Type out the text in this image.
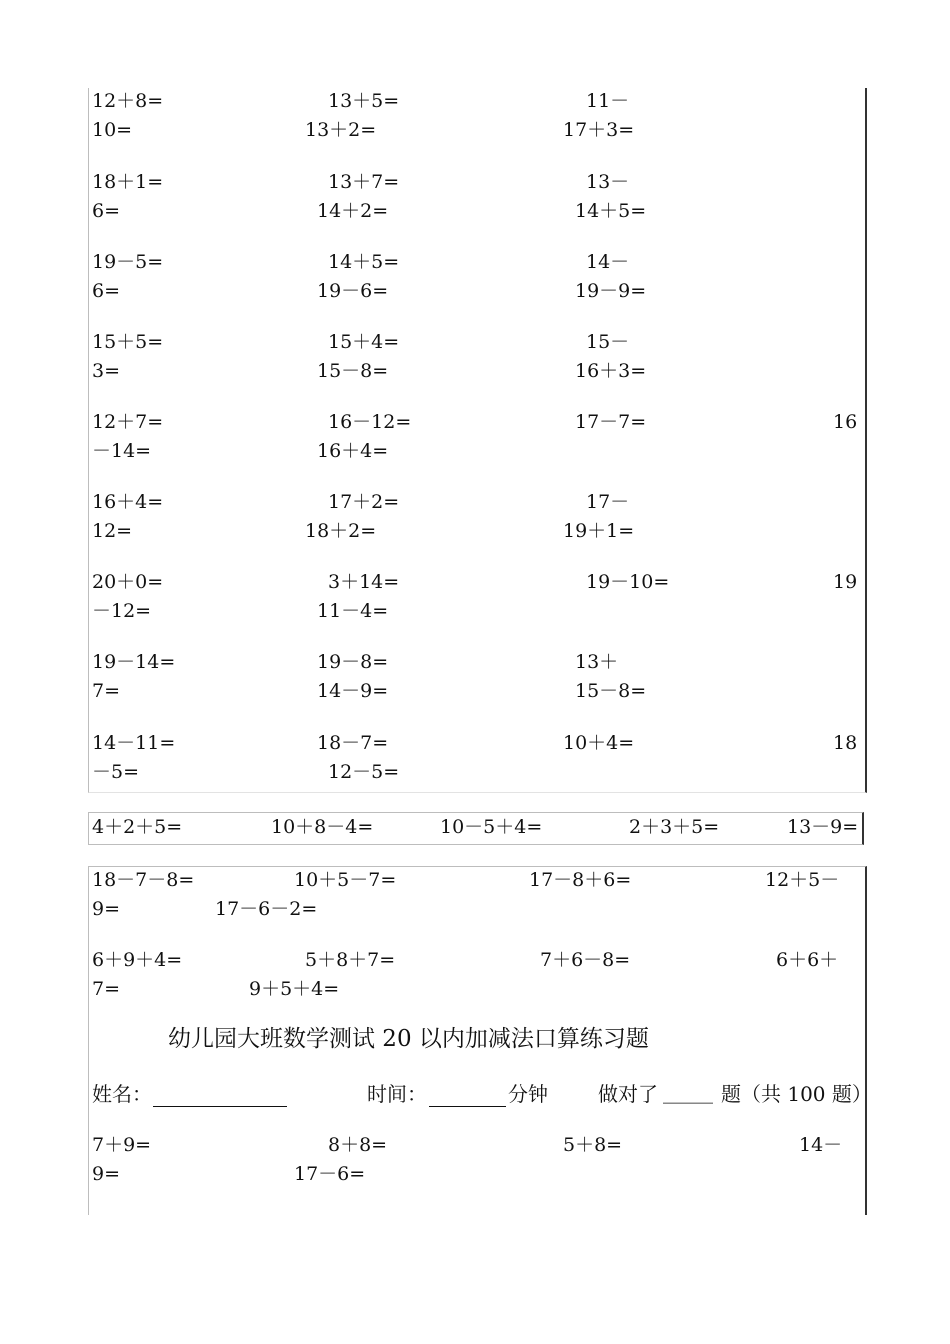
12＋8=	13＋5=	11－
10=	13＋2=	17＋3=
18＋1=	13＋7=	13－
6=	14＋2=	14＋5=
19－5=	14＋5=	14－
6=	19－6=	19－9=
15＋5=	15＋4=	15－
3=	15－8=	16＋3=
12＋7=	16－12=	17－7=	16
－14=	16＋4=
16＋4=	17＋2=	17－
12=	18＋2=	19＋1=
20＋0=	3＋14=	19－10=	19
－12=	11－4=
19－14=	19－8=	13＋
7=	14－9=	15－8=
14－11=	18－7=	10＋4=	18
－5=	12－5=
4＋2＋5=	10＋8－4=	10－5＋4=	2＋3＋5=	13－9=
18－7－8=	10＋5－7=	17－8＋6=	12＋5－
9=	17－6－2=
6＋9＋4=	5＋8＋7=	7＋6－8=	6＋6＋
7=	9＋5＋4=
幼儿园大班数学测试 20 以内加减法口算练习题
姓名：	时间：	分钟	做对了 _____ 题（共 100 题）
7＋9=	8＋8=	5＋8=	14－
9=	17－6=
